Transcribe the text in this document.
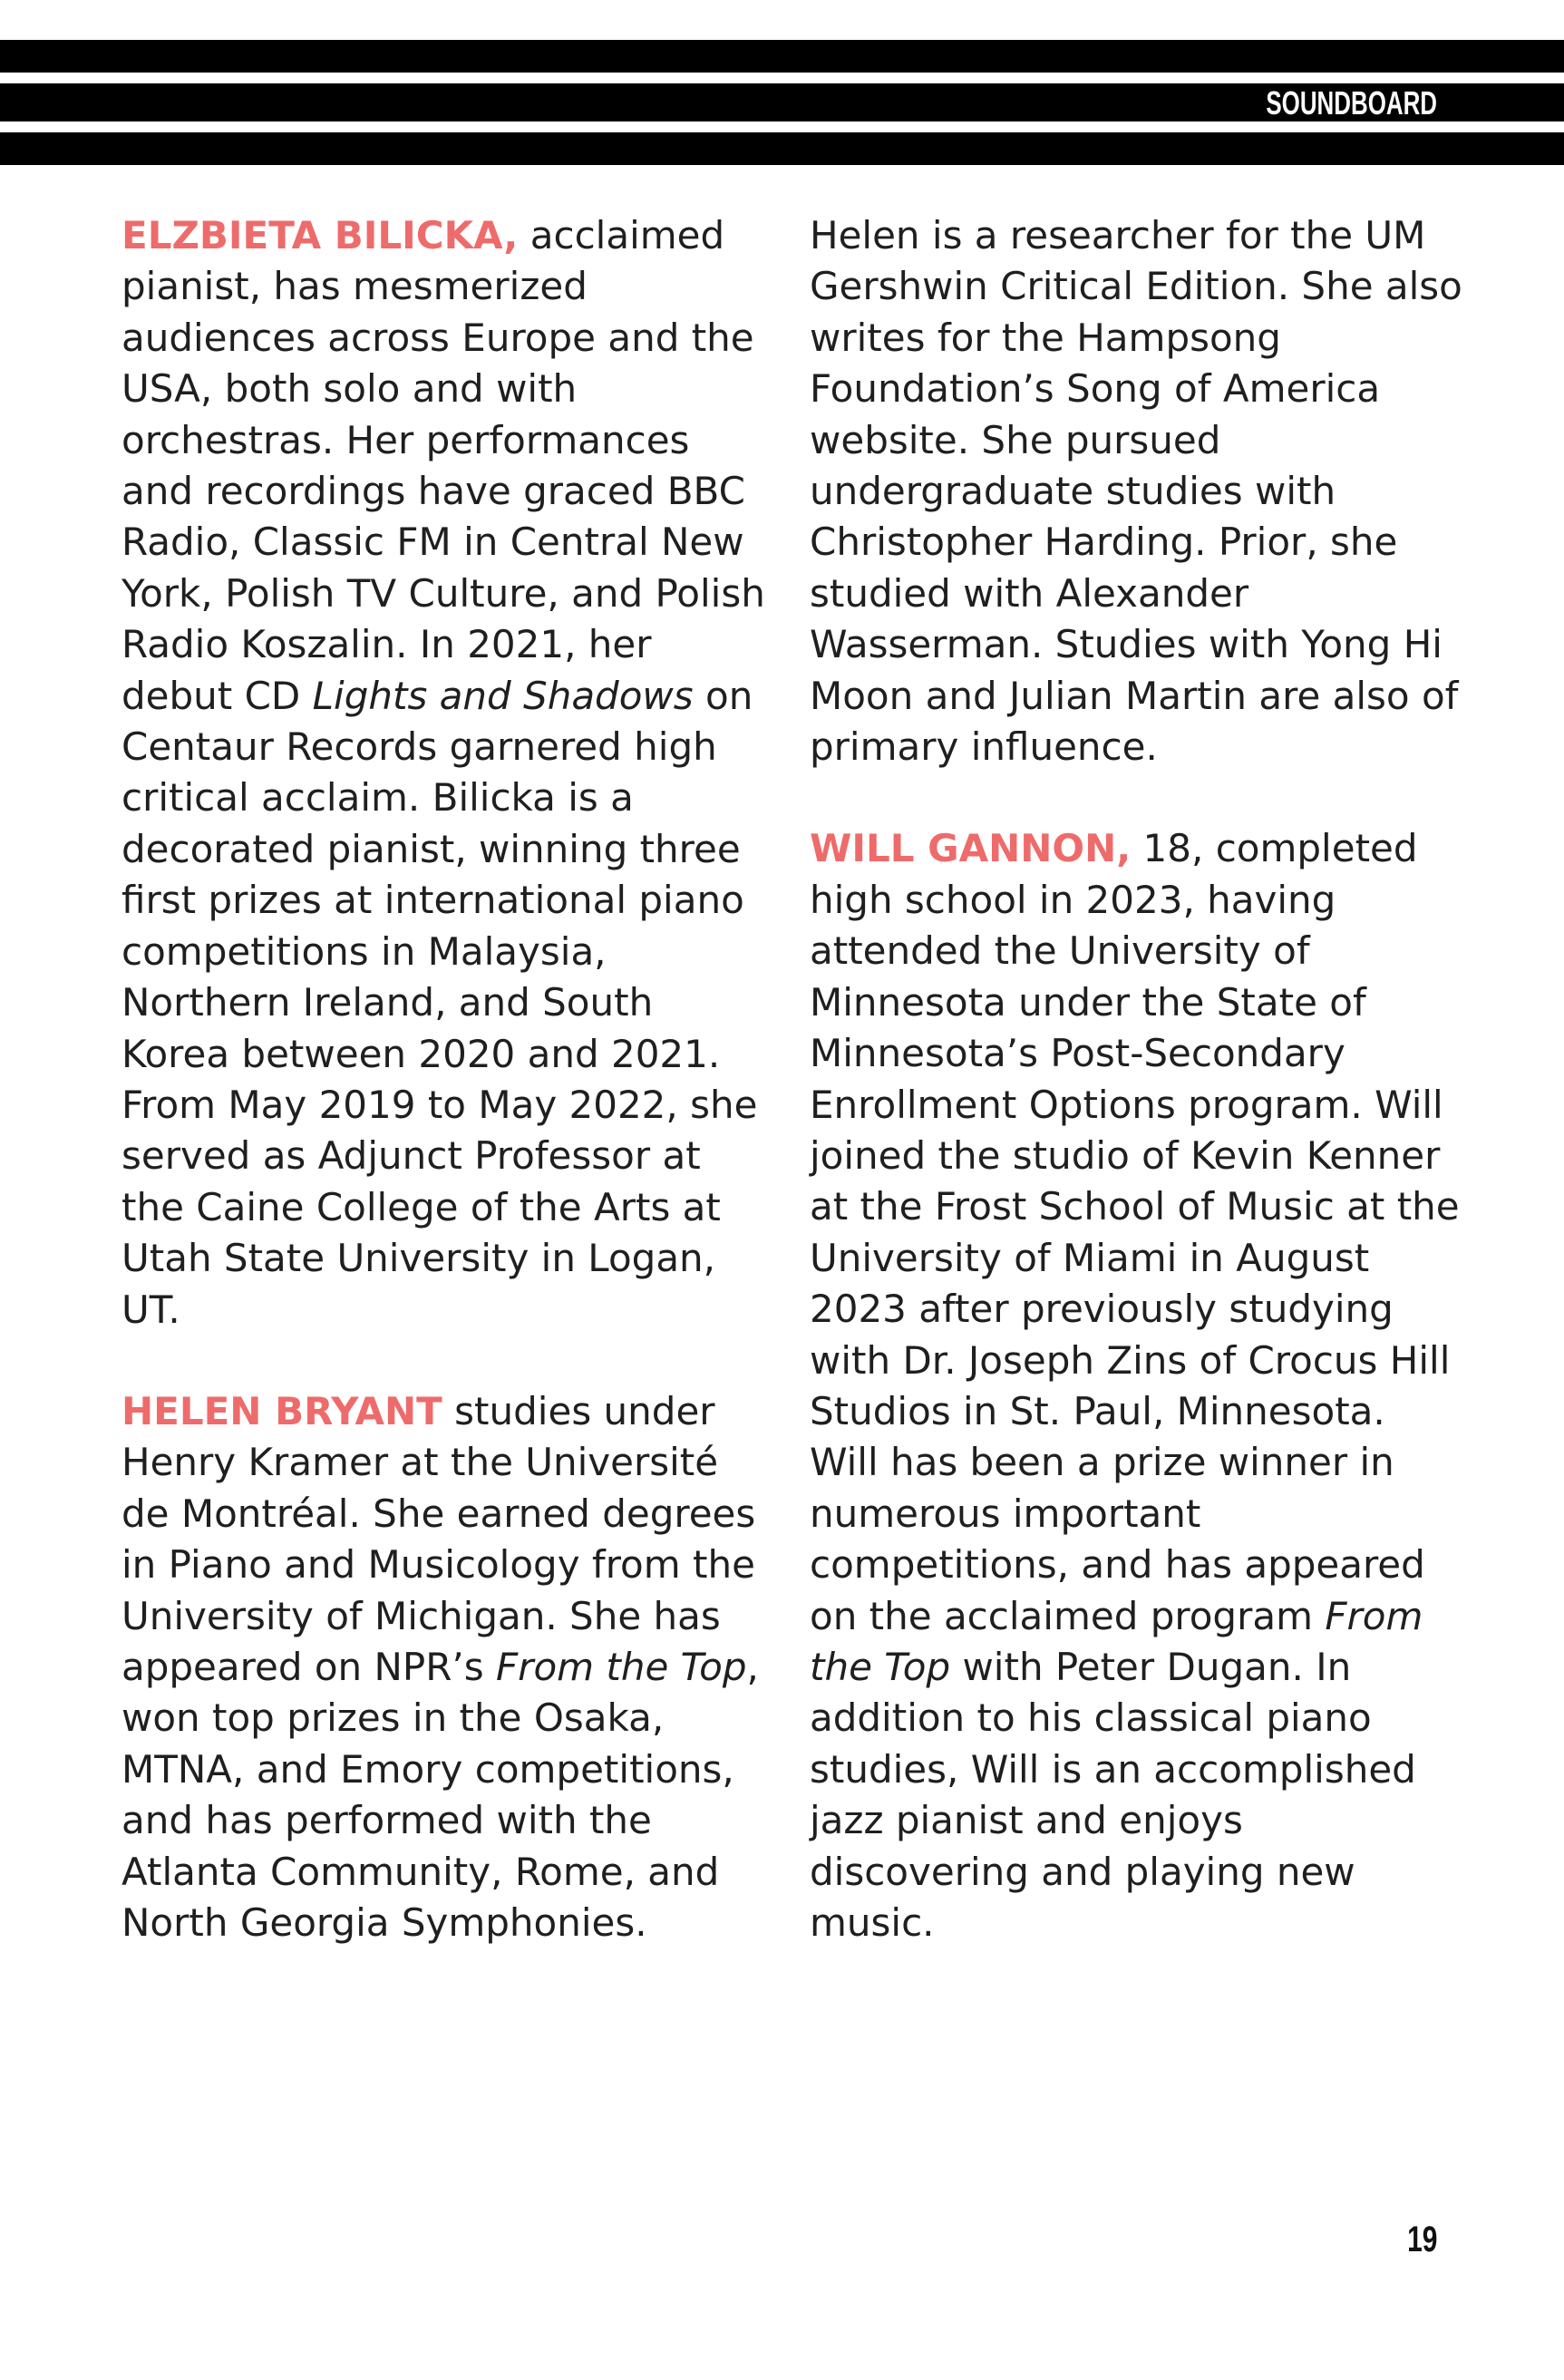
SOUNDBOARD

ELZBIETA BILICKA, acclaimed pianist, has mesmerized audiences across Europe and the USA, both solo and with orchestras. Her performances and recordings have graced BBC Radio, Classic FM in Central New York, Polish TV Culture, and Polish Radio Koszalin. In 2021, her debut CD Lights and Shadows on Centaur Records garnered high critical acclaim. Bilicka is a decorated pianist, winning three first prizes at international piano competitions in Malaysia, Northern Ireland, and South Korea between 2020 and 2021. From May 2019 to May 2022, she served as Adjunct Professor at the Caine College of the Arts at Utah State University in Logan, UT.

HELEN BRYANT studies under Henry Kramer at the Université de Montréal. She earned degrees in Piano and Musicology from the University of Michigan. She has appeared on NPR’s From the Top, won top prizes in the Osaka, MTNA, and Emory competitions, and has performed with the Atlanta Community, Rome, and North Georgia Symphonies.

Helen is a researcher for the UM Gershwin Critical Edition. She also writes for the Hampsong Foundation’s Song of America website. She pursued undergraduate studies with Christopher Harding. Prior, she studied with Alexander Wasserman. Studies with Yong Hi Moon and Julian Martin are also of primary influence.

WILL GANNON, 18, completed high school in 2023, having attended the University of Minnesota under the State of Minnesota’s Post-Secondary Enrollment Options program. Will joined the studio of Kevin Kenner at the Frost School of Music at the University of Miami in August 2023 after previously studying with Dr. Joseph Zins of Crocus Hill Studios in St. Paul, Minnesota. Will has been a prize winner in numerous important competitions, and has appeared on the acclaimed program From the Top with Peter Dugan. In addition to his classical piano studies, Will is an accomplished jazz pianist and enjoys discovering and playing new music.

19
